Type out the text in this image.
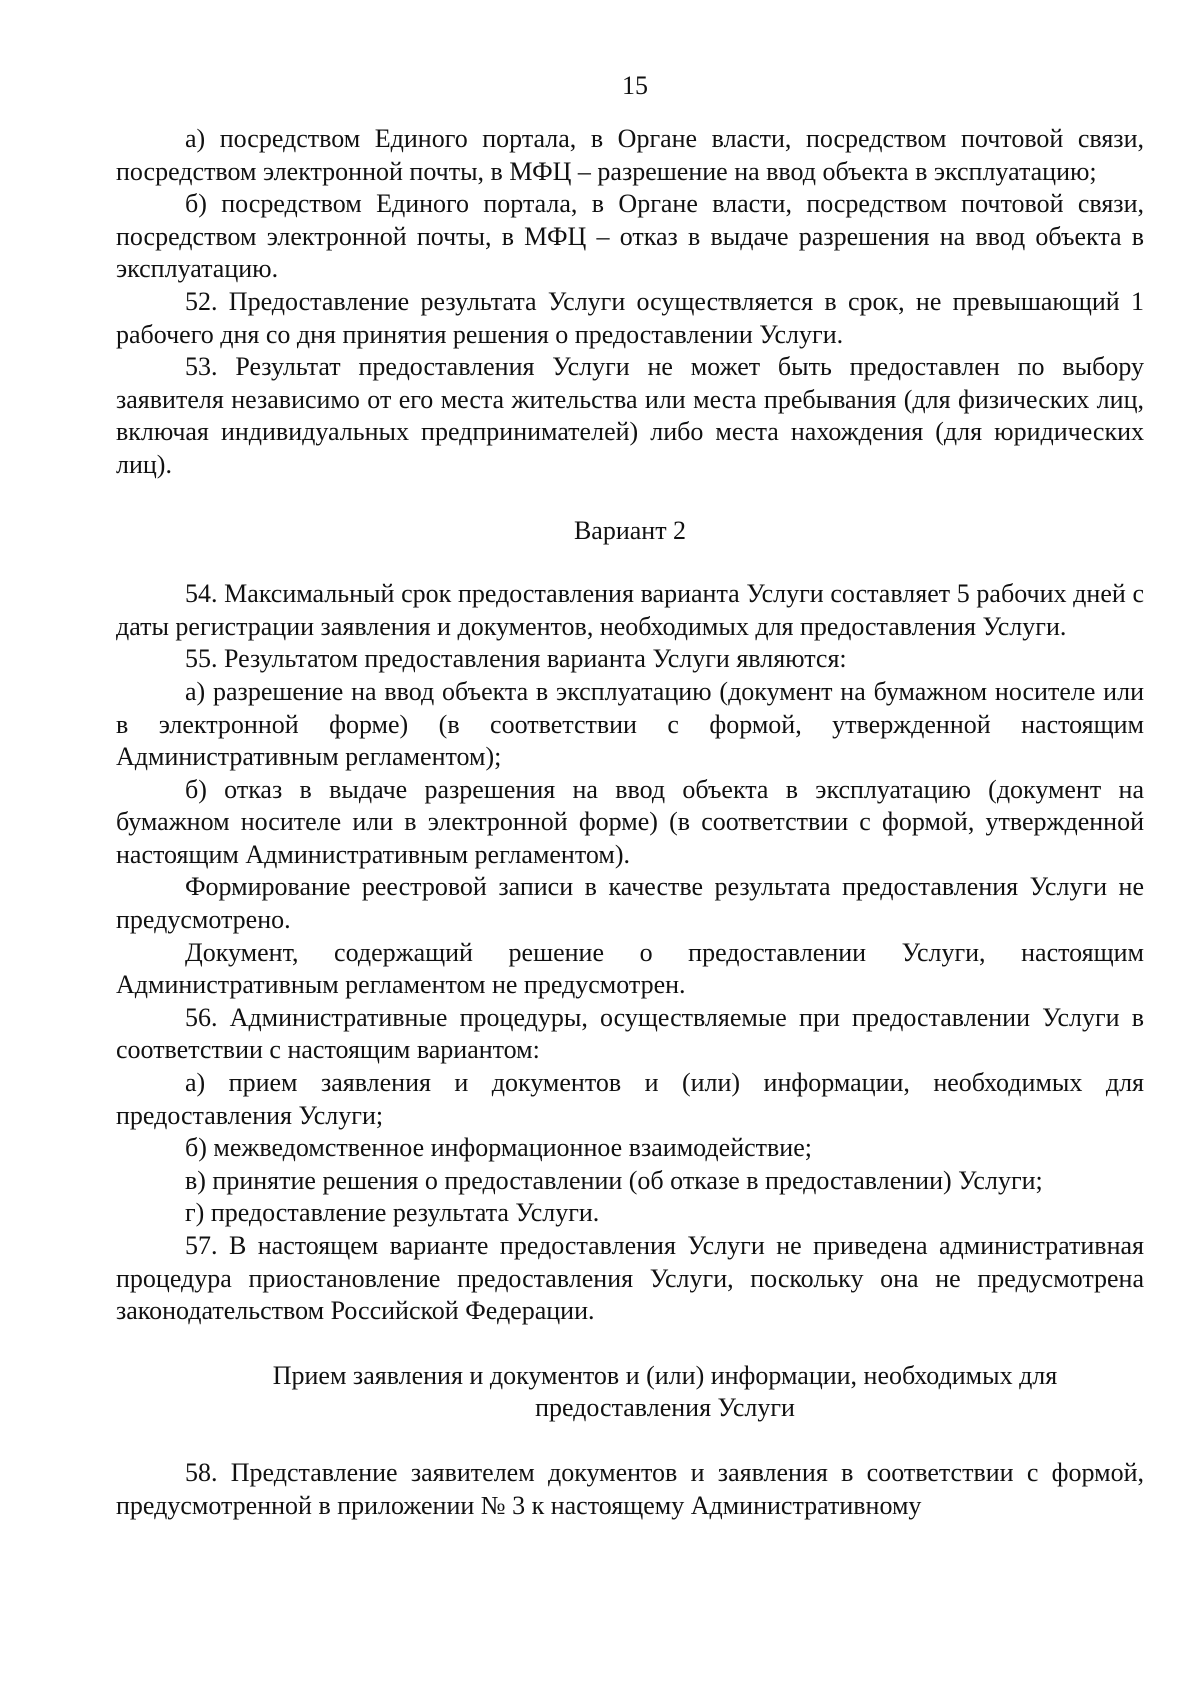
15

а) посредством Единого портала, в Органе власти, посредством почтовой связи, посредством электронной почты, в МФЦ – разрешение на ввод объекта в эксплуатацию;

б) посредством Единого портала, в Органе власти, посредством почтовой связи, посредством электронной почты, в МФЦ – отказ в выдаче разрешения на ввод объекта в эксплуатацию.

52. Предоставление результата Услуги осуществляется в срок, не превышающий 1 рабочего дня со дня принятия решения о предоставлении Услуги.

53. Результат предоставления Услуги не может быть предоставлен по выбору заявителя независимо от его места жительства или места пребывания (для физических лиц, включая индивидуальных предпринимателей) либо места нахождения (для юридических лиц).

Вариант 2

54. Максимальный срок предоставления варианта Услуги составляет 5 рабочих дней с даты регистрации заявления и документов, необходимых для предоставления Услуги.

55. Результатом предоставления варианта Услуги являются:

а) разрешение на ввод объекта в эксплуатацию (документ на бумажном носителе или в электронной форме) (в соответствии с формой, утвержденной настоящим Административным регламентом);

б) отказ в выдаче разрешения на ввод объекта в эксплуатацию (документ на бумажном носителе или в электронной форме) (в соответствии с формой, утвержденной настоящим Административным регламентом).

Формирование реестровой записи в качестве результата предоставления Услуги не предусмотрено.

Документ, содержащий решение о предоставлении Услуги, настоящим Административным регламентом не предусмотрен.

56. Административные процедуры, осуществляемые при предоставлении Услуги в соответствии с настоящим вариантом:

а) прием заявления и документов и (или) информации, необходимых для предоставления Услуги;

б) межведомственное информационное взаимодействие;

в) принятие решения о предоставлении (об отказе в предоставлении) Услуги;

г) предоставление результата Услуги.

57. В настоящем варианте предоставления Услуги не приведена административная процедура приостановление предоставления Услуги, поскольку она не предусмотрена законодательством Российской Федерации.

Прием заявления и документов и (или) информации, необходимых для предоставления Услуги

58. Представление заявителем документов и заявления в соответствии с формой, предусмотренной в приложении № 3 к настоящему Административному
